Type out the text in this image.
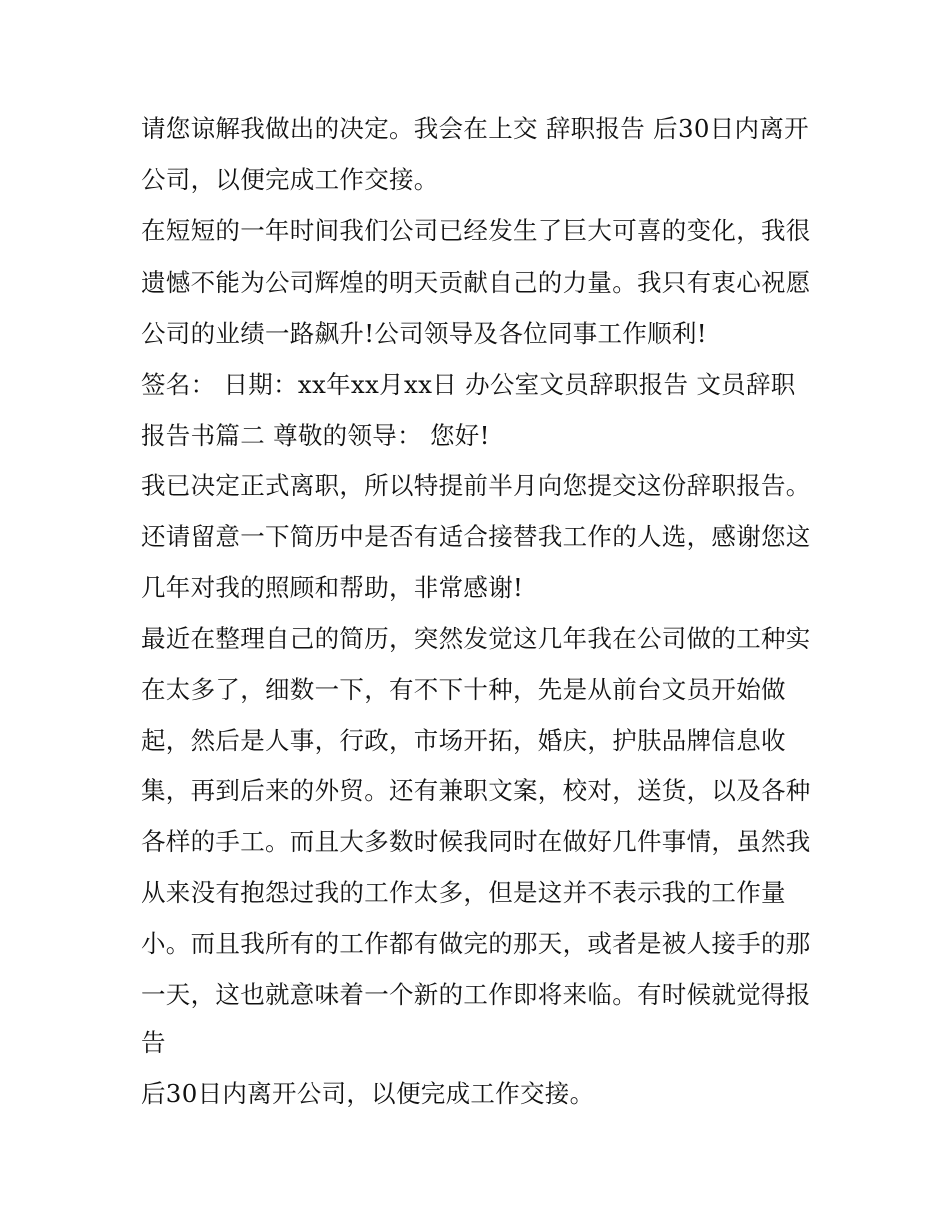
请您谅解我做出的决定。我会在上交 辞职报告 后30日内离开

公司，以便完成工作交接。

在短短的一年时间我们公司已经发生了巨大可喜的变化，我很

遗憾不能为公司辉煌的明天贡献自己的力量。我只有衷心祝愿

公司的业绩一路飙升!公司领导及各位同事工作顺利!

签名： 日期：xx年xx月xx日 办公室文员辞职报告 文员辞职

报告书篇二 尊敬的领导： 您好!

我已决定正式离职，所以特提前半月向您提交这份辞职报告。

还请留意一下简历中是否有适合接替我工作的人选，感谢您这

几年对我的照顾和帮助，非常感谢!

最近在整理自己的简历，突然发觉这几年我在公司做的工种实

在太多了，细数一下，有不下十种，先是从前台文员开始做

起，然后是人事，行政，市场开拓，婚庆，护肤品牌信息收

集，再到后来的外贸。还有兼职文案，校对，送货，以及各种

各样的手工。而且大多数时候我同时在做好几件事情，虽然我

从来没有抱怨过我的工作太多，但是这并不表示我的工作量

小。而且我所有的工作都有做完的那天，或者是被人接手的那

一天，这也就意味着一个新的工作即将来临。有时候就觉得报

告

后30日内离开公司，以便完成工作交接。
